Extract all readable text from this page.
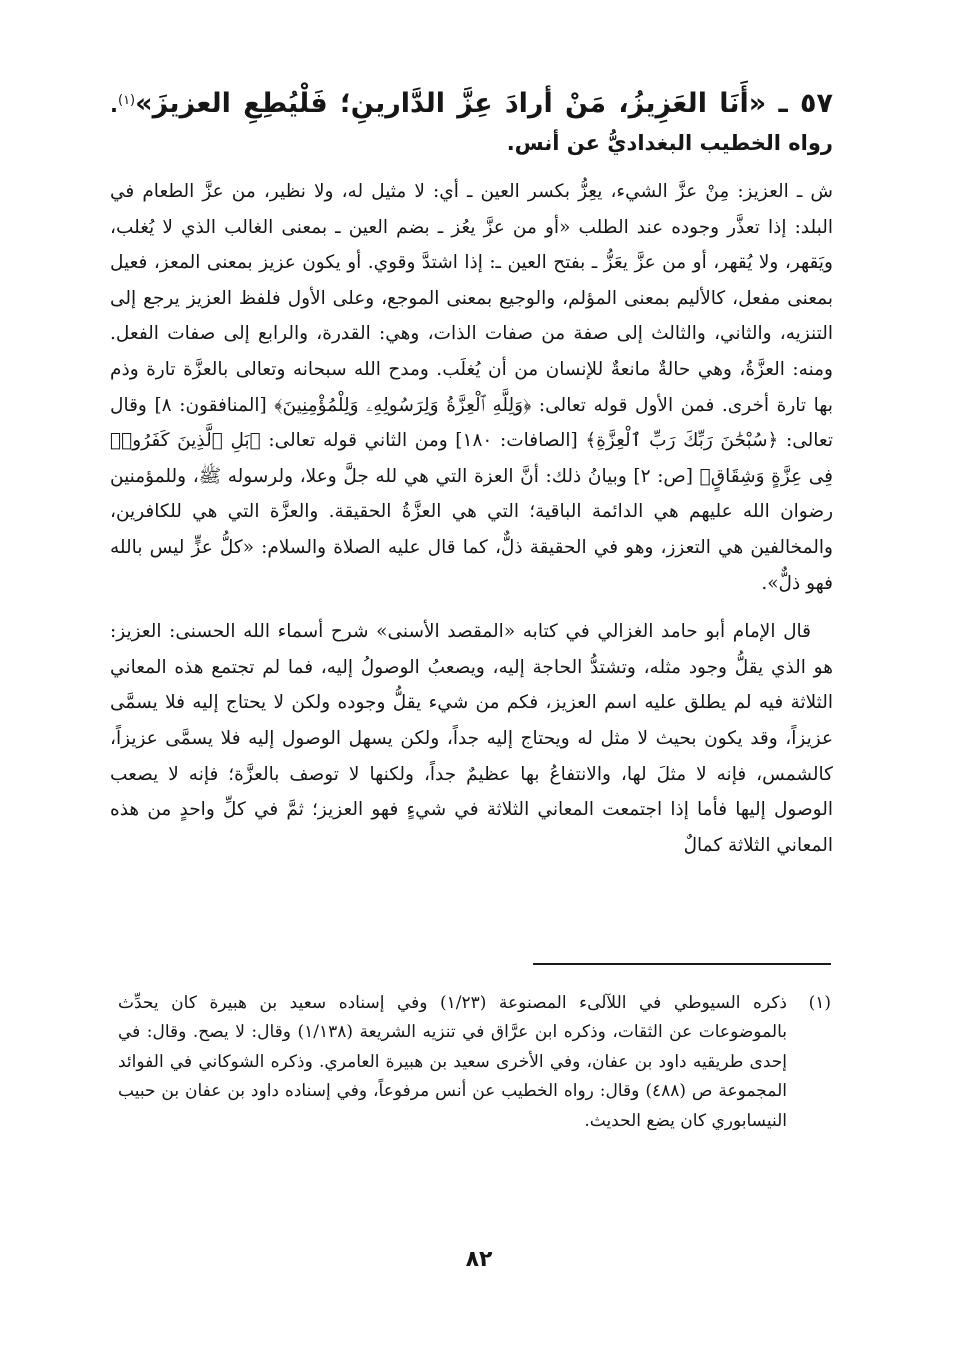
٥٧ ـ «أَنَا العَزِيزُ، مَنْ أرادَ عِزَّ الدَّارينِ؛ فَلْيُطِعِ العزيزَ»$^{(١)}$. رواه الخطيب البغداديُّ عن أنس.

ش ـ العزيز: مِنْ عزَّ الشيء، يعِزُّ بكسر العين ـ أي: لا مثيل له، ولا نظير، من عزَّ الطعام في البلد: إذا تعذَّر وجوده عند الطلب «أو من عزَّ يعُز ـ بضم العين ـ بمعنى الغالب الذي لا يُغلب، ويَقهر، ولا يُقهر، أو من عزَّ يعَزُّ ـ بفتح العين ـ: إذا اشتدَّ وقوي. أو يكون عزيز بمعنى المعز، فعيل بمعنى مفعل، كالأليم بمعنى المؤلم، والوجيع بمعنى الموجع، وعلى الأول فلفظ العزيز يرجع إلى التنزيه، والثاني، والثالث إلى صفة من صفات الذات، وهي: القدرة، والرابع إلى صفات الفعل. ومنه: العزَّةُ، وهي حالةٌ مانعةٌ للإنسان من أن يُغلَب. ومدح الله سبحانه وتعالى بالعزَّة تارة وذم بها تارة أخرى. فمن الأول قوله تعالى: ﴿وَلِلَّهِ ٱلْعِزَّةُ وَلِرَسُولِهِۦ وَلِلْمُؤْمِنِينَ﴾ [المنافقون: ٨] وقال تعالى: ﴿سُبْحَٰنَ رَبِّكَ رَبِّ ٱلْعِزَّةِ﴾ [الصافات: ١٨٠] ومن الثاني قوله تعالى: ﴿بَلِ ٱلَّذِينَ كَفَرُوا۟ فِى عِزَّةٍ وَشِقَاقٍ﴾ [ص: ٢] وبيانُ ذلك: أنَّ العزة التي هي لله جلَّ وعلا، ولرسوله ﷺ، وللمؤمنين رضوان الله عليهم هي الدائمة الباقية؛ التي هي العزَّةُ الحقيقة. والعزَّة التي هي للكافرين، والمخالفين هي التعزز، وهو في الحقيقة ذلٌّ، كما قال عليه الصلاة والسلام: «كلُّ عزٍّ ليس بالله فهو ذلٌّ».

قال الإمام أبو حامد الغزالي في كتابه «المقصد الأسنى» شرح أسماء الله الحسنى: العزيز: هو الذي يقلُّ وجود مثله، وتشتدُّ الحاجة إليه، ويصعبُ الوصولُ إليه، فما لم تجتمع هذه المعاني الثلاثة فيه لم يطلق عليه اسم العزيز، فكم من شيء يقلُّ وجوده ولكن لا يحتاج إليه فلا يسمَّى عزيزاً، وقد يكون بحيث لا مثل له ويحتاج إليه جداً، ولكن يسهل الوصول إليه فلا يسمَّى عزيزاً، كالشمس، فإنه لا مثلَ لها، والانتفاعُ بها عظيمٌ جداً، ولكنها لا توصف بالعزَّة؛ فإنه لا يصعب الوصول إليها فأما إذا اجتمعت المعاني الثلاثة في شيءٍ فهو العزيز؛ ثمَّ في كلِّ واحدٍ من هذه المعاني الثلاثة كمالٌ

(١)
ذكره السيوطي في اللآلىء المصنوعة (١/٢٣) وفي إسناده سعيد بن هبيرة كان يحدِّث بالموضوعات عن الثقات، وذكره ابن عرَّاق في تنزيه الشريعة (١/١٣٨) وقال: لا يصح. وقال: في إحدى طريقيه داود بن عفان، وفي الأخرى سعيد بن هبيرة العامري. وذكره الشوكاني في الفوائد المجموعة ص (٤٨٨) وقال: رواه الخطيب عن أنس مرفوعاً، وفي إسناده داود بن عفان بن حبيب النيسابوري كان يضع الحديث.
٨٢
